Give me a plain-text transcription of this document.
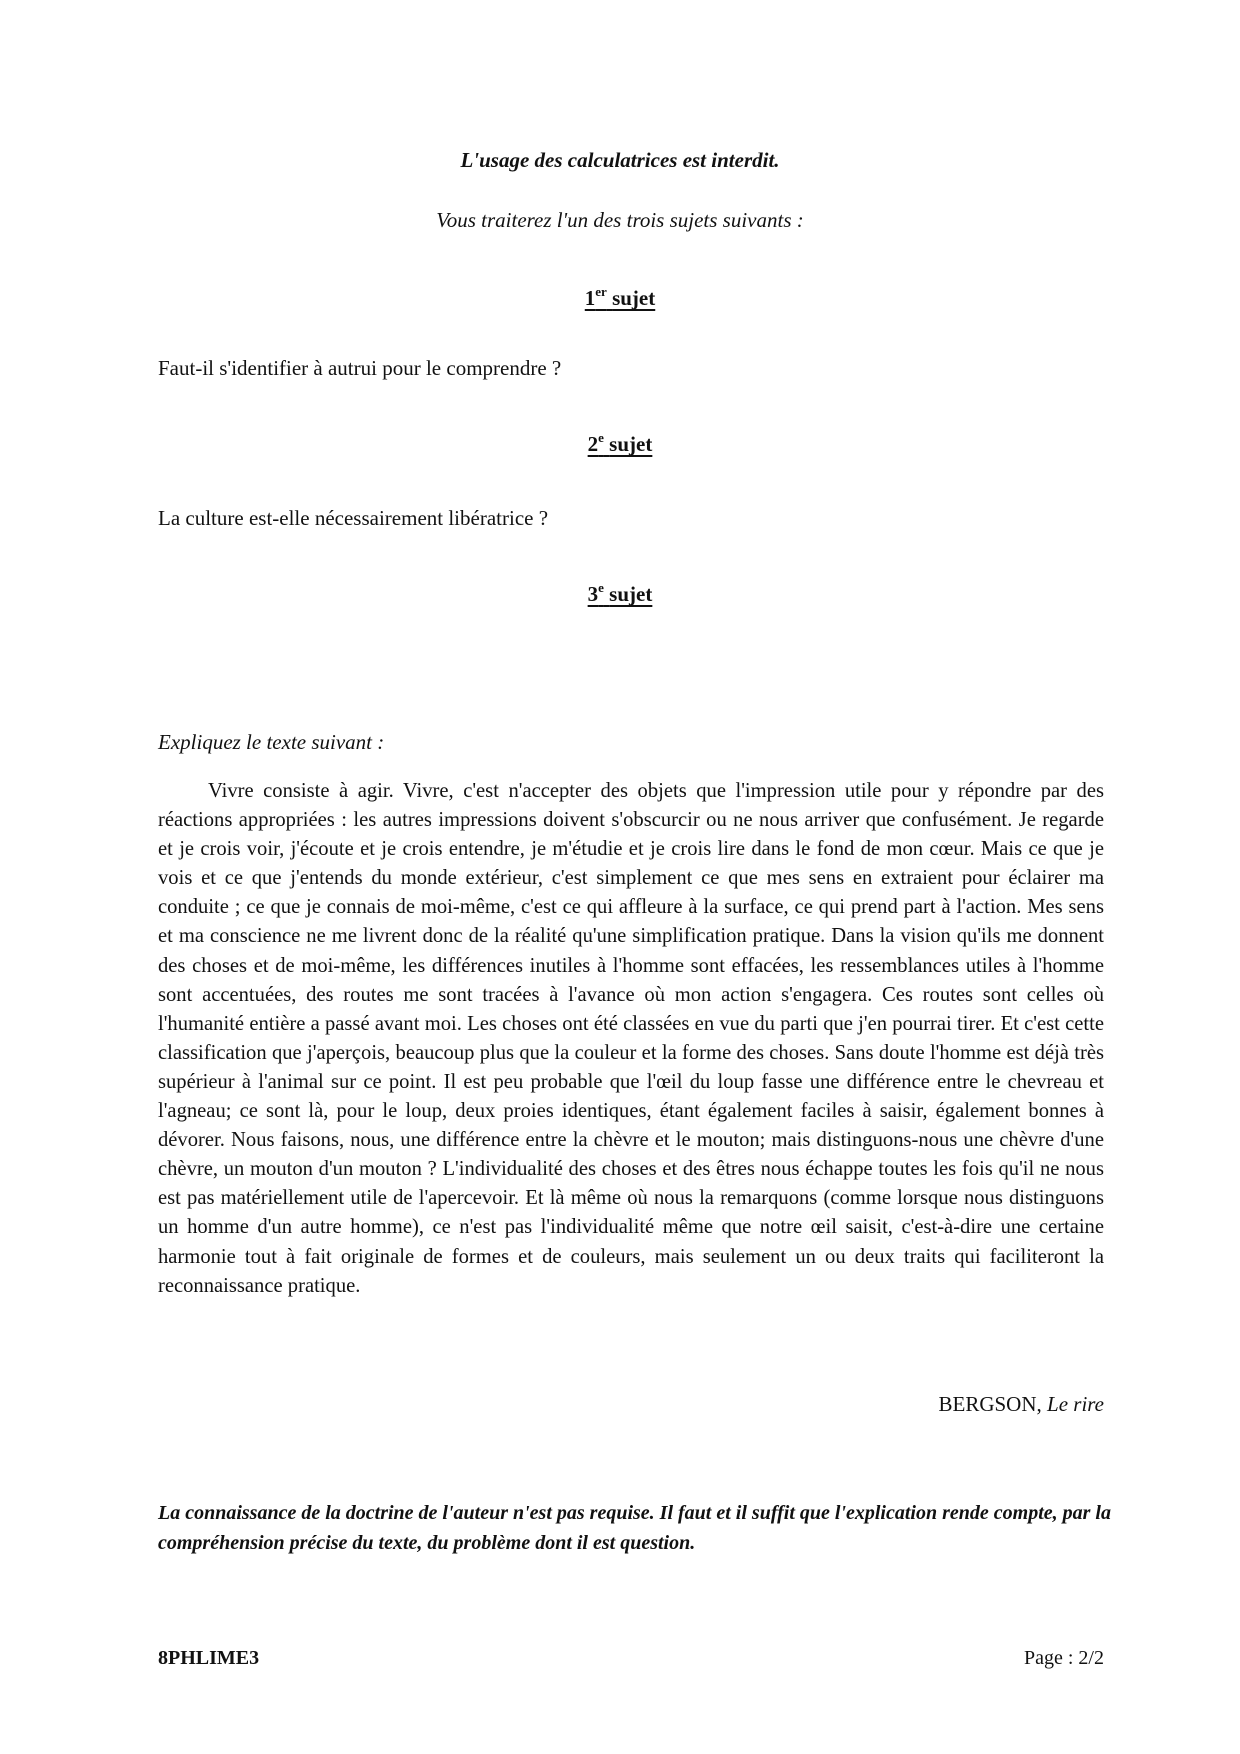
L'usage des calculatrices est interdit.
Vous traiterez l'un des trois sujets suivants :
1er sujet
Faut-il s'identifier à autrui pour le comprendre ?
2e sujet
La culture est-elle nécessairement libératrice ?
3e sujet
Expliquez le texte suivant :

Vivre consiste à agir. Vivre, c'est n'accepter des objets que l'impression utile pour y répondre par des réactions appropriées : les autres impressions doivent s'obscurcir ou ne nous arriver que confusément. Je regarde et je crois voir, j'écoute et je crois entendre, je m'étudie et je crois lire dans le fond de mon cœur. Mais ce que je vois et ce que j'entends du monde extérieur, c'est simplement ce que mes sens en extraient pour éclairer ma conduite ; ce que je connais de moi-même, c'est ce qui affleure à la surface, ce qui prend part à l'action. Mes sens et ma conscience ne me livrent donc de la réalité qu'une simplification pratique. Dans la vision qu'ils me donnent des choses et de moi-même, les différences inutiles à l'homme sont effacées, les ressemblances utiles à l'homme sont accentuées, des routes me sont tracées à l'avance où mon action s'engagera. Ces routes sont celles où l'humanité entière a passé avant moi. Les choses ont été classées en vue du parti que j'en pourrai tirer. Et c'est cette classification que j'aperçois, beaucoup plus que la couleur et la forme des choses. Sans doute l'homme est déjà très supérieur à l'animal sur ce point. Il est peu probable que l'œil du loup fasse une différence entre le chevreau et l'agneau; ce sont là, pour le loup, deux proies identiques, étant également faciles à saisir, également bonnes à dévorer. Nous faisons, nous, une différence entre la chèvre et le mouton; mais distinguons-nous une chèvre d'une chèvre, un mouton d'un mouton ? L'individualité des choses et des êtres nous échappe toutes les fois qu'il ne nous est pas matériellement utile de l'apercevoir. Et là même où nous la remarquons (comme lorsque nous distinguons un homme d'un autre homme), ce n'est pas l'individualité même que notre œil saisit, c'est-à-dire une certaine harmonie tout à fait originale de formes et de couleurs, mais seulement un ou deux traits qui faciliteront la reconnaissance pratique.

BERGSON, Le rire
La connaissance de la doctrine de l'auteur n'est pas requise. Il faut et il suffit que l'explication rende compte, par la compréhension précise du texte, du problème dont il est question.
8PHLIME3	Page : 2/2
